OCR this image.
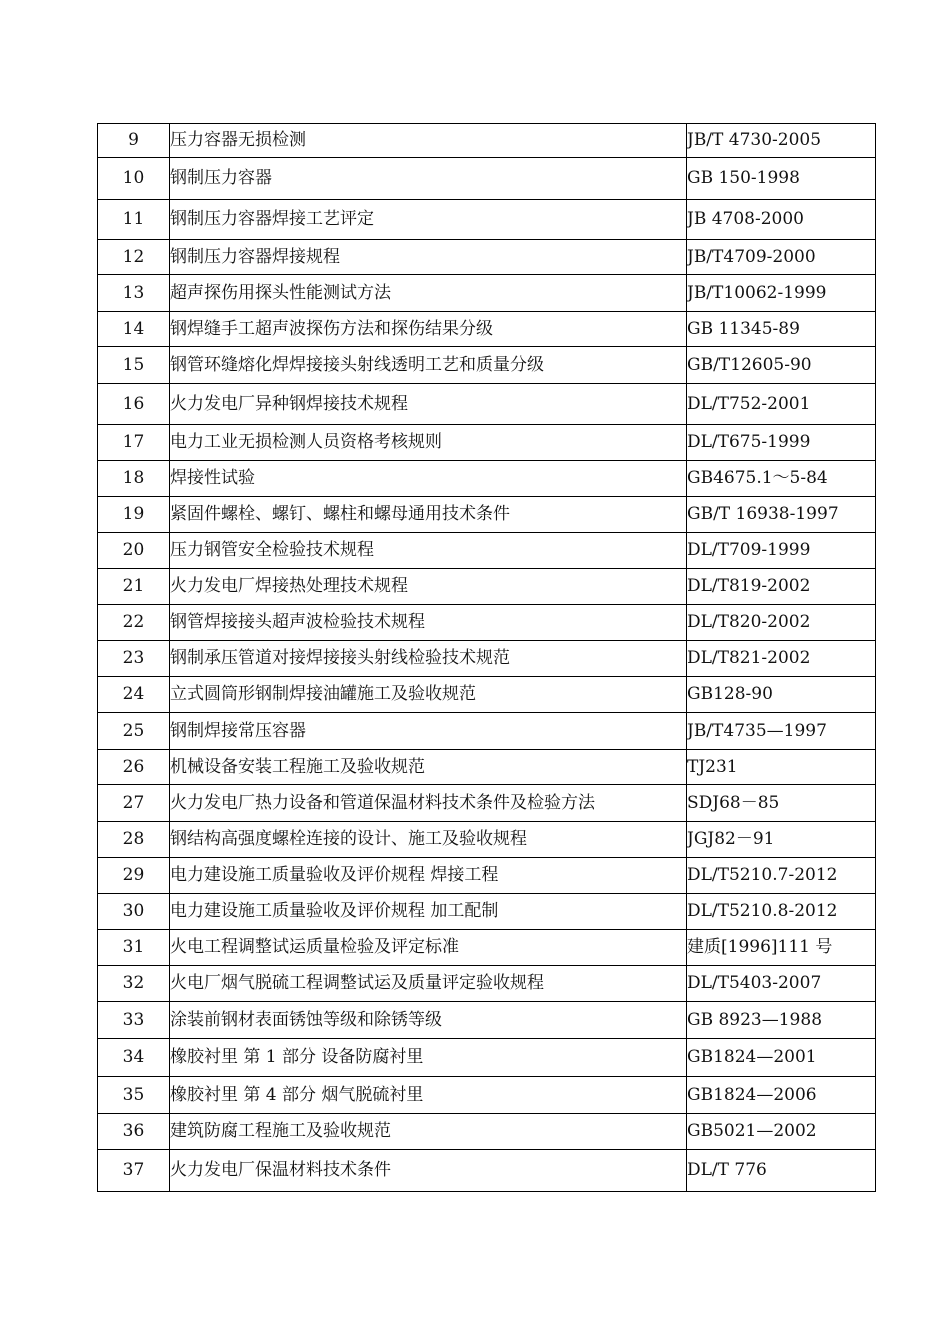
9	压力容器无损检测	JB/T 4730-2005
10	钢制压力容器	GB 150-1998
11	钢制压力容器焊接工艺评定	JB 4708-2000
12	钢制压力容器焊接规程	JB/T4709-2000
13	超声探伤用探头性能测试方法	JB/T10062-1999
14	钢焊缝手工超声波探伤方法和探伤结果分级	GB 11345-89
15	钢管环缝熔化焊焊接接头射线透明工艺和质量分级	GB/T12605-90
16	火力发电厂异种钢焊接技术规程	DL/T752-2001
17	电力工业无损检测人员资格考核规则	DL/T675-1999
18	焊接性试验	GB4675.1～5-84
19	紧固件螺栓、螺钉、螺柱和螺母通用技术条件	GB/T 16938-1997
20	压力钢管安全检验技术规程	DL/T709-1999
21	火力发电厂焊接热处理技术规程	DL/T819-2002
22	钢管焊接接头超声波检验技术规程	DL/T820-2002
23	钢制承压管道对接焊接接头射线检验技术规范	DL/T821-2002
24	立式圆筒形钢制焊接油罐施工及验收规范	GB128-90
25	钢制焊接常压容器	JB/T4735—1997
26	机械设备安装工程施工及验收规范	TJ231
27	火力发电厂热力设备和管道保温材料技术条件及检验方法	SDJ68－85
28	钢结构高强度螺栓连接的设计、施工及验收规程	JGJ82－91
29	电力建设施工质量验收及评价规程 焊接工程	DL/T5210.7-2012
30	电力建设施工质量验收及评价规程 加工配制	DL/T5210.8-2012
31	火电工程调整试运质量检验及评定标准	建质[1996]111 号
32	火电厂烟气脱硫工程调整试运及质量评定验收规程	DL/T5403-2007
33	涂装前钢材表面锈蚀等级和除锈等级	GB 8923—1988
34	橡胶衬里 第 1 部分 设备防腐衬里	GB1824—2001
35	橡胶衬里 第 4 部分 烟气脱硫衬里	GB1824—2006
36	建筑防腐工程施工及验收规范	GB5021—2002
37	火力发电厂保温材料技术条件	DL/T 776
